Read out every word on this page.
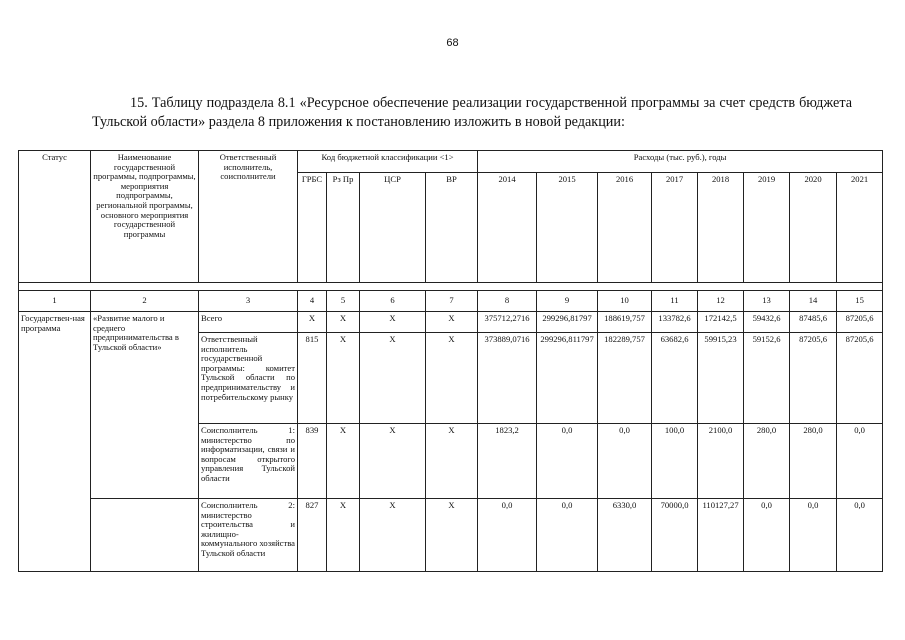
68

15. Таблицу подраздела 8.1 «Ресурсное обеспечение реализации государственной программы за счет средств бюджета Тульской области» раздела 8 приложения к постановлению изложить в новой редакции:

Статус	Наименование государственной программы, подпрограммы, мероприятия подпрограммы, региональной программы, основного мероприятия государственной программы	Ответственный исполнитель, соисполнители	Код бюджетной классификации <1>				Расходы (тыс. руб.), годы							
			ГРБС	Рз Пр	ЦСР	ВР	2014	2015	2016	2017	2018	2019	2020	2021

1	2	3	4	5	6	7	8	9	10	11	12	13	14	15
Государствен-ная программа	«Развитие малого и среднего предпринимательства в Тульской области»	Всего	Х	Х	Х	Х	375712,2716	299296,81797	188619,757	133782,6	172142,5	59432,6	87485,6	87205,6
		Ответственный исполнитель государственной программы: комитет Тульской области по предпринимательству и потребительскому рынку	815	Х	Х	Х	373889,0716	299296,811797	182289,757	63682,6	59915,23	59152,6	87205,6	87205,6
		Соисполнитель 1: министерство по информатизации, связи и вопросам открытого управления Тульской области	839	Х	Х	Х	1823,2	0,0	0,0	100,0	2100,0	280,0	280,0	0,0
		Соисполнитель 2: министерство строительства и жилищно-коммунального хозяйства Тульской области	827	Х	Х	Х	0,0	0,0	6330,0	70000,0	110127,27	0,0	0,0	0,0
